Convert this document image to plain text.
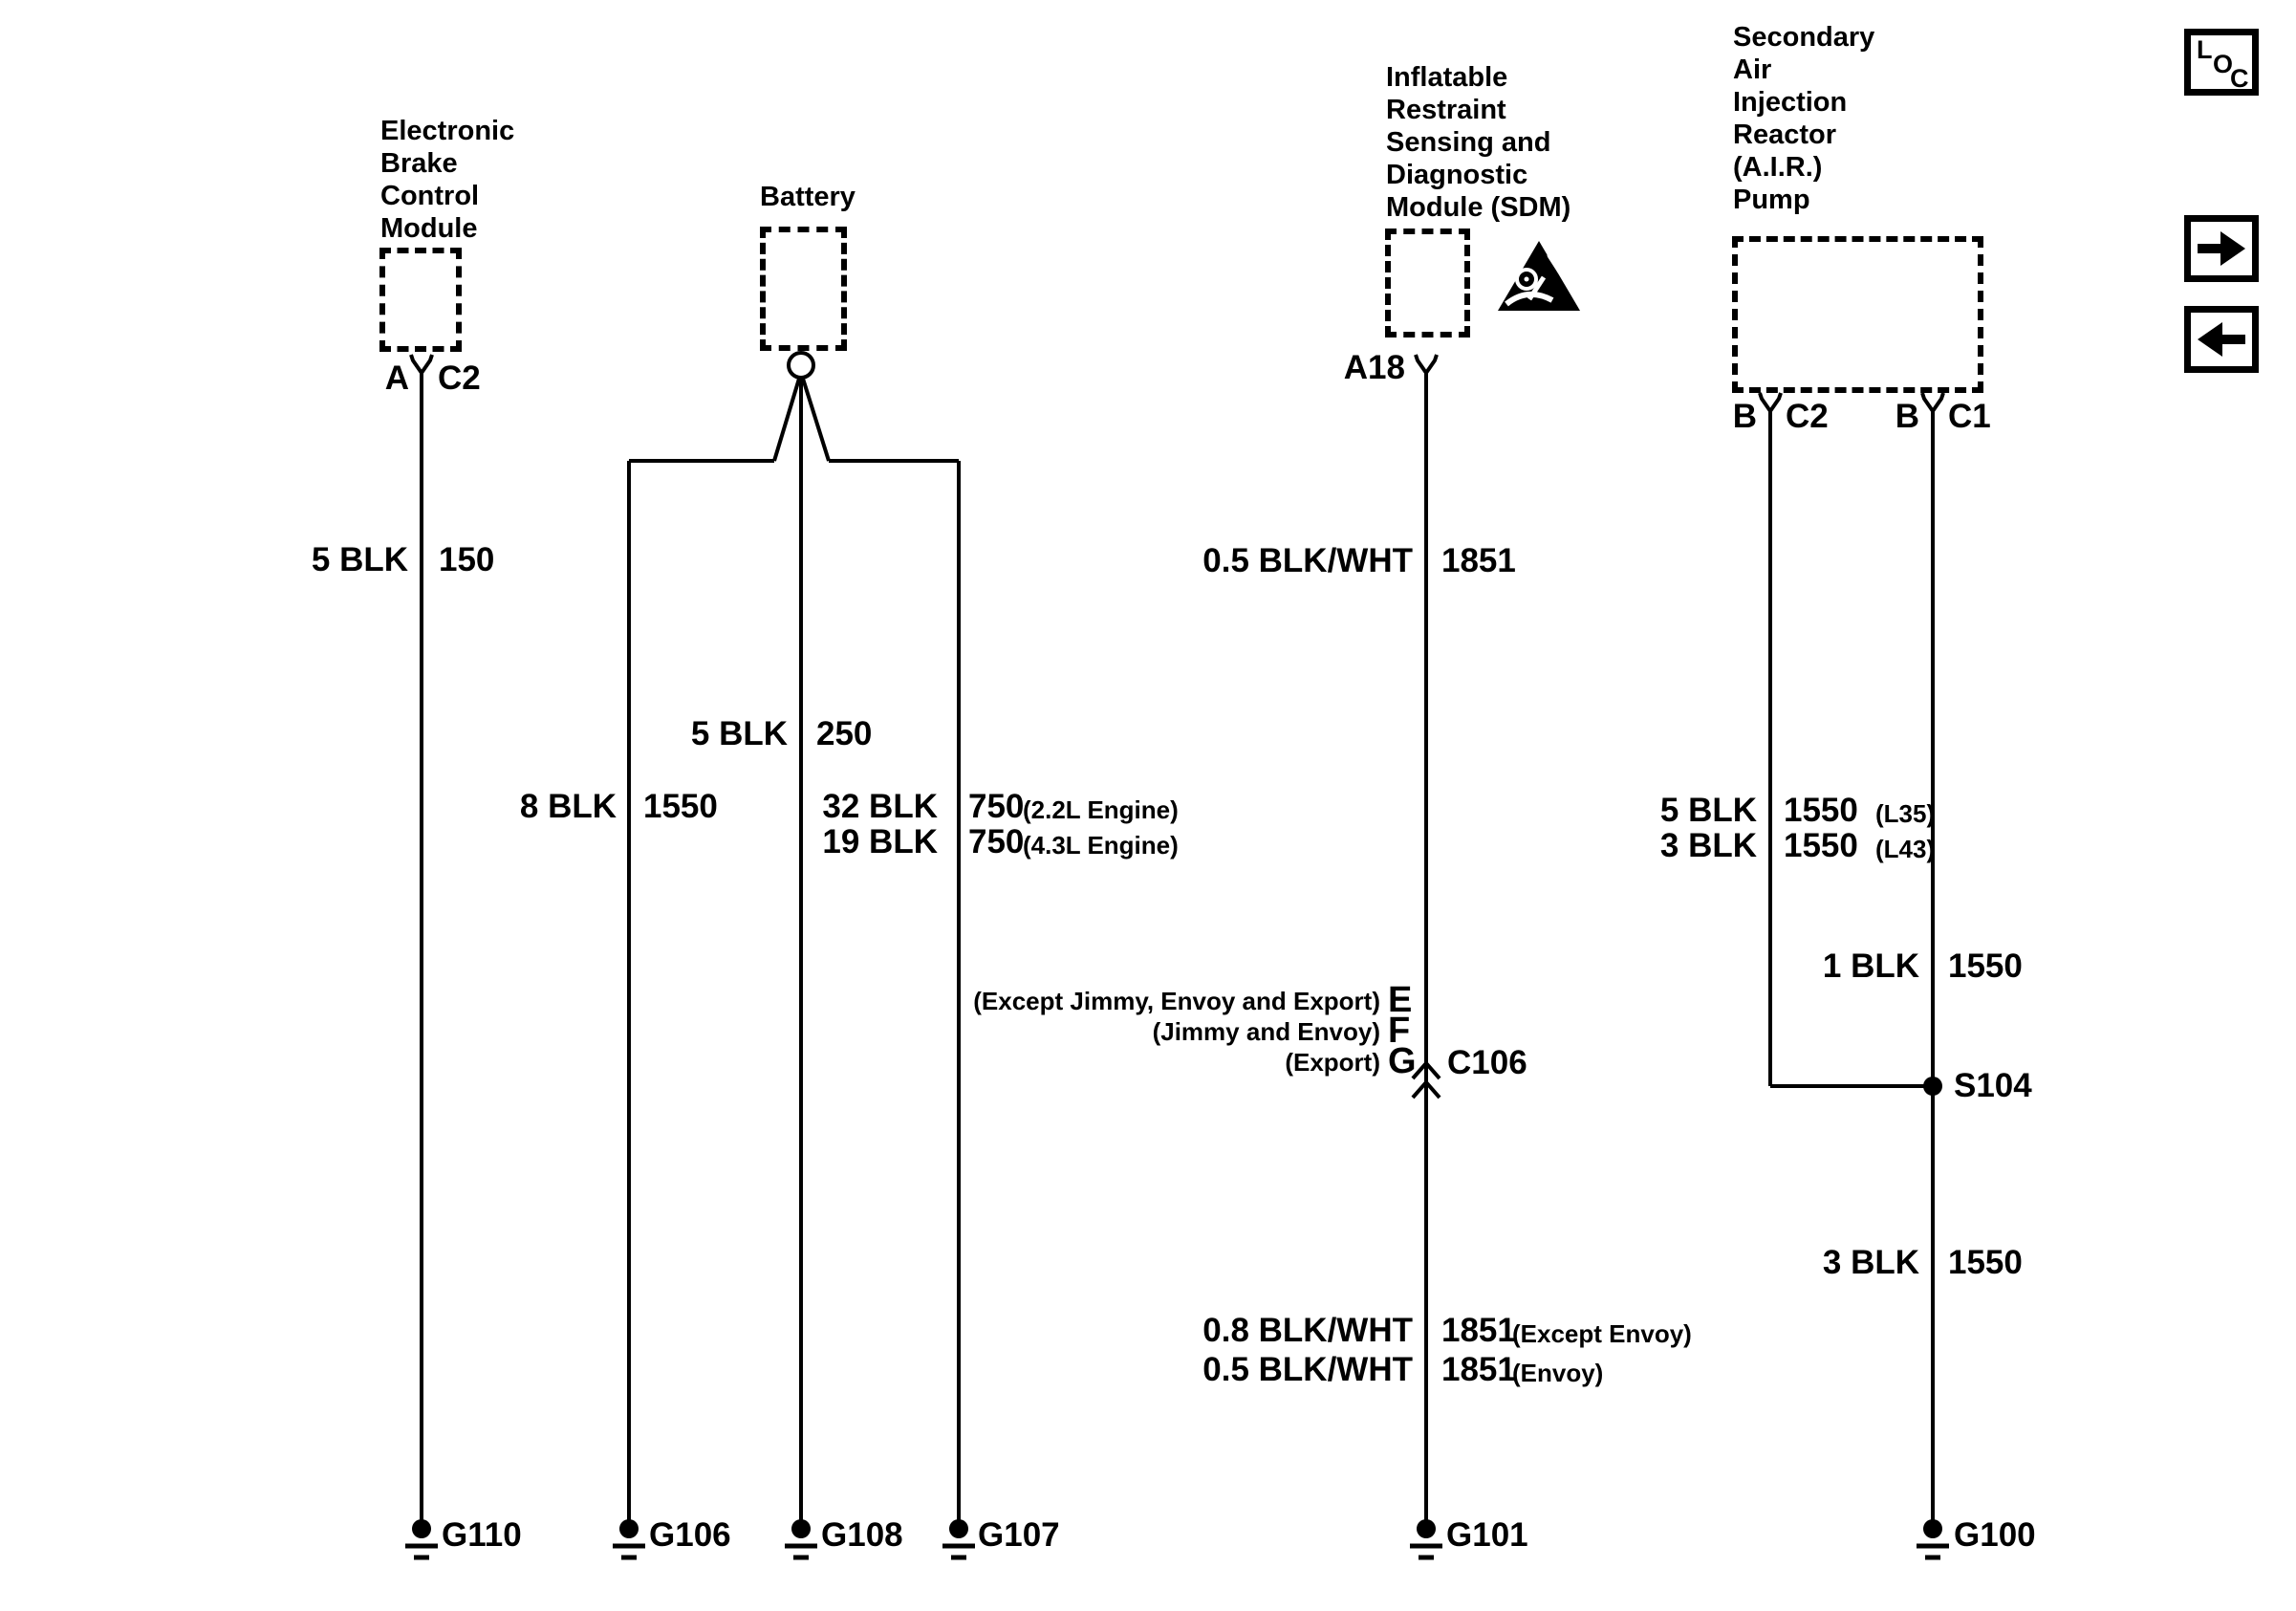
Electronic
Brake
Control
Module
A C2
5 BLK 150
G110
Battery
5 BLK 250
8 BLK 1550	32 BLK 750
(2.2L Engine)
19 BLK 750
(4.3L Engine)
G106	G108 G107
Inflatable
Restraint
Sensing and
Diagnostic
Module (SDM)
A18
0.5 BLK/WHT 1851
(Except Jimmy, Envoy and Export) E
(Jimmy and Envoy) F
(Export) G C106
0.8 BLK/WHT 1851
(Except Envoy)
0.5 BLK/WHT 1851
(Envoy)
G101
Secondary
Air
Injection
Reactor
(A.I.R.)
Pump
B C2	B C1
5 BLK 1550 (L35)
3 BLK 1550 (L43)
1 BLK 1550
S104
3 BLK 1550
G100
L O
C
